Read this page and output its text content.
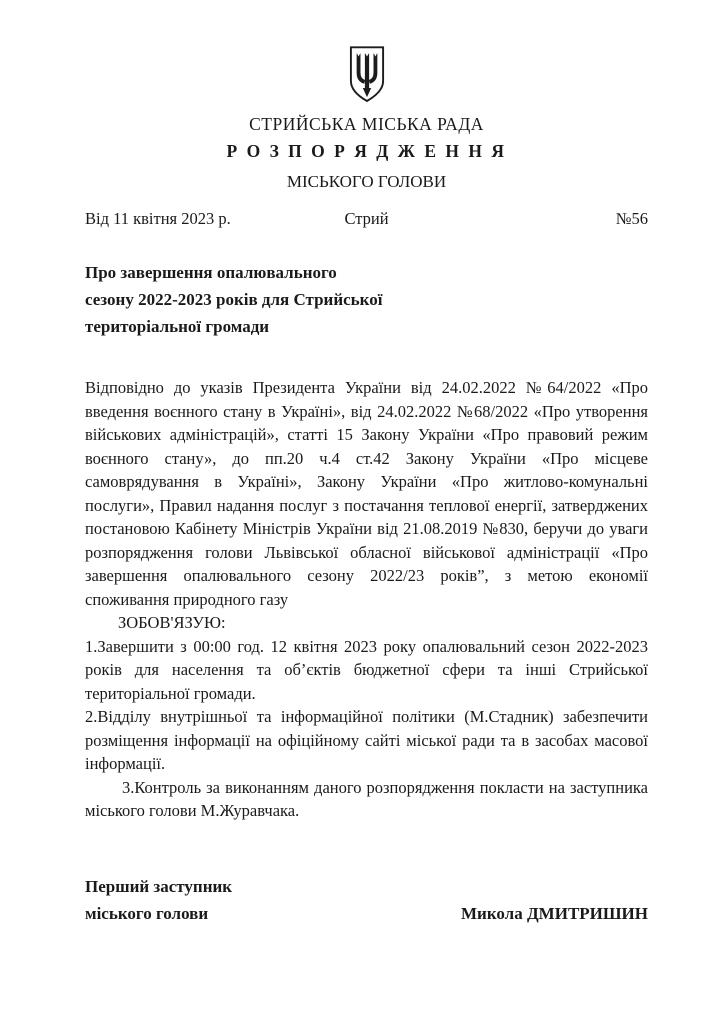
СТРИЙСЬКА МІСЬКА РАДА
Р О З П О Р Я Д Ж Е Н Н Я
МІСЬКОГО ГОЛОВИ
Від 11 квітня 2023 р.	Стрий	№56
Про завершення опалювального
сезону 2022-2023 років для Стрийської
територіальної громади
Відповідно до указів Президента України від 24.02.2022 №64/2022 «Про введення воєнного стану в Україні», від 24.02.2022 №68/2022 «Про утворення військових адміністрацій», статті 15 Закону України «Про правовий режим воєнного стану», до пп.20 ч.4 ст.42 Закону України «Про місцеве самоврядування в Україні», Закону України «Про житлово-комунальні послуги», Правил надання послуг з постачання теплової енергії, затверджених постановою Кабінету Міністрів України від 21.08.2019 №830, беручи до уваги розпорядження голови Львівської обласної військової адміністрації «Про завершення опалювального сезону 2022/23 років”, з метою економії споживання природного газу
ЗОБОВ'ЯЗУЮ:
1.Завершити з 00:00 год. 12 квітня 2023 року опалювальний сезон 2022-2023 років для населення та об’єктів бюджетної сфери та інші Стрийської територіальної громади.
2.Відділу внутрішньої та інформаційної політики (М.Стадник) забезпечити розміщення інформації на офіційному сайті міської ради та в засобах масової інформації.
3.Контроль за виконанням даного розпорядження покласти на заступника міського голови М.Журавчака.
Перший заступник
міського голови	Микола ДМИТРИШИН
